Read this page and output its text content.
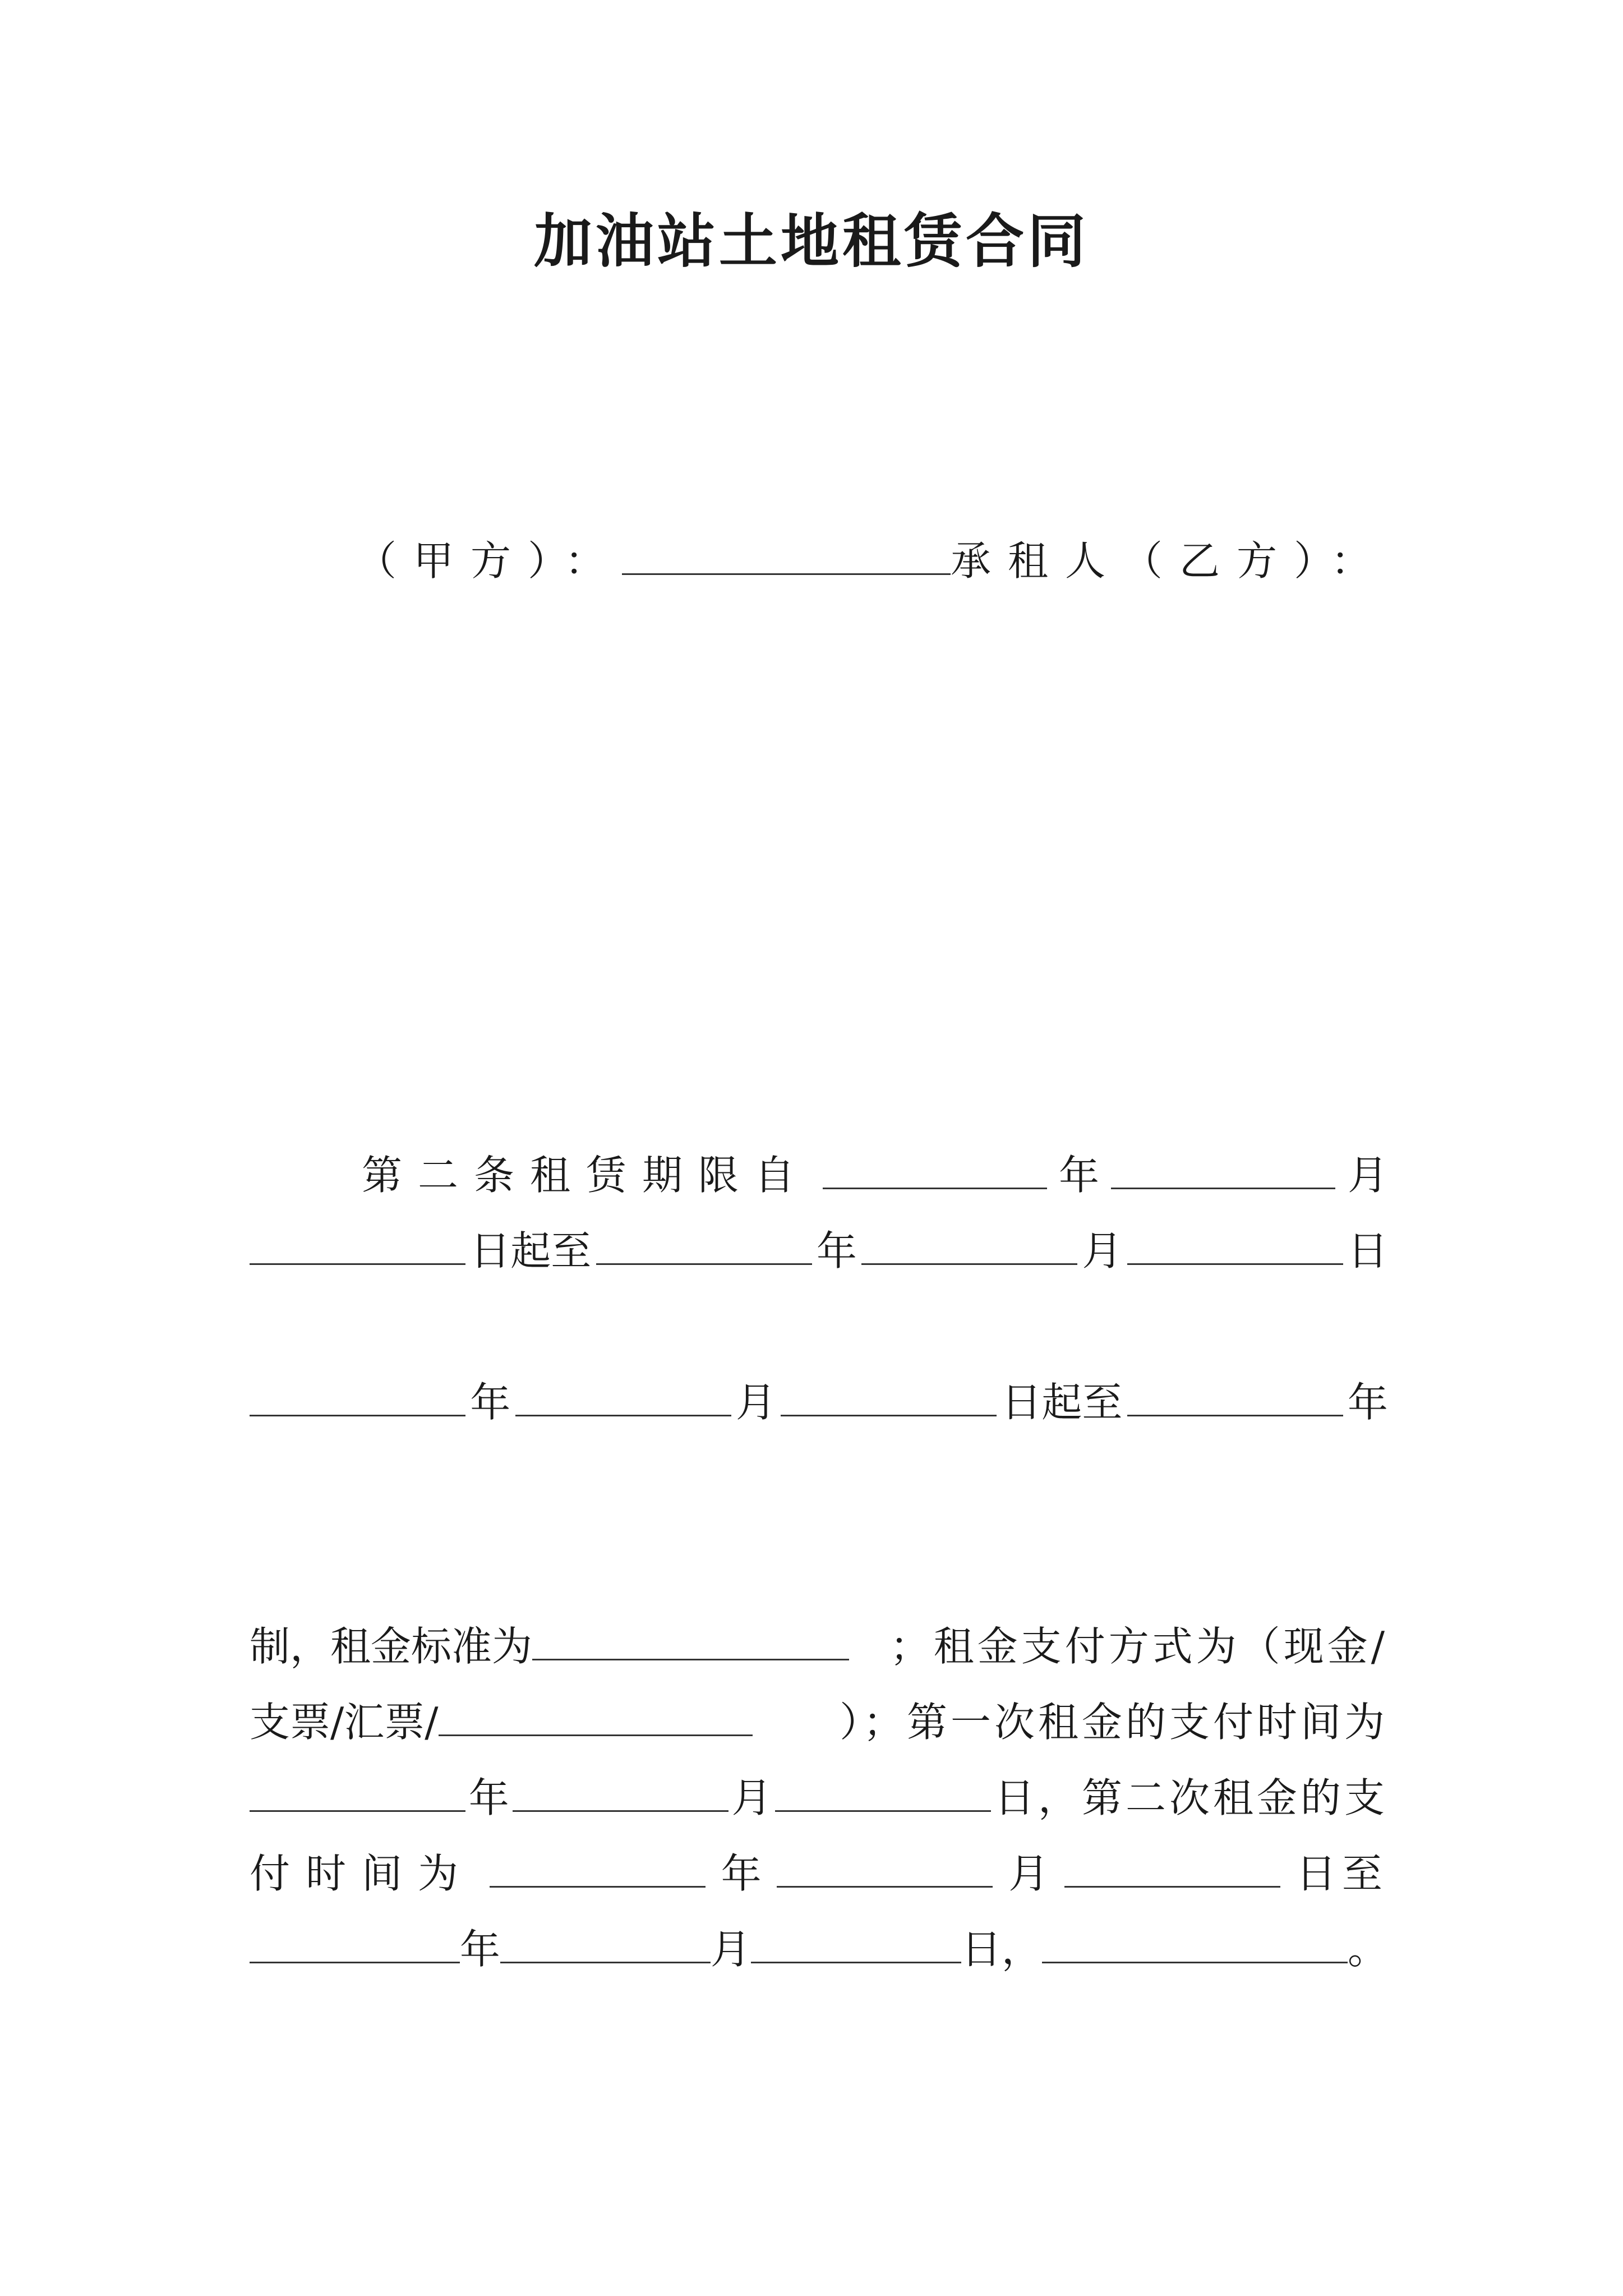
加油站土地租赁合同

（甲方）：	承租人（乙方）：

第二条租赁期限自	年	月
日起至	年	月	日

年	月	日起至	年

制，租金标准为	；租金支付方式为（现金/
支票/汇票/	）；第一次租金的支付时间为
年	月	日，第二次租金的支
付时间为	年	月	日至
年	月	日，	。
